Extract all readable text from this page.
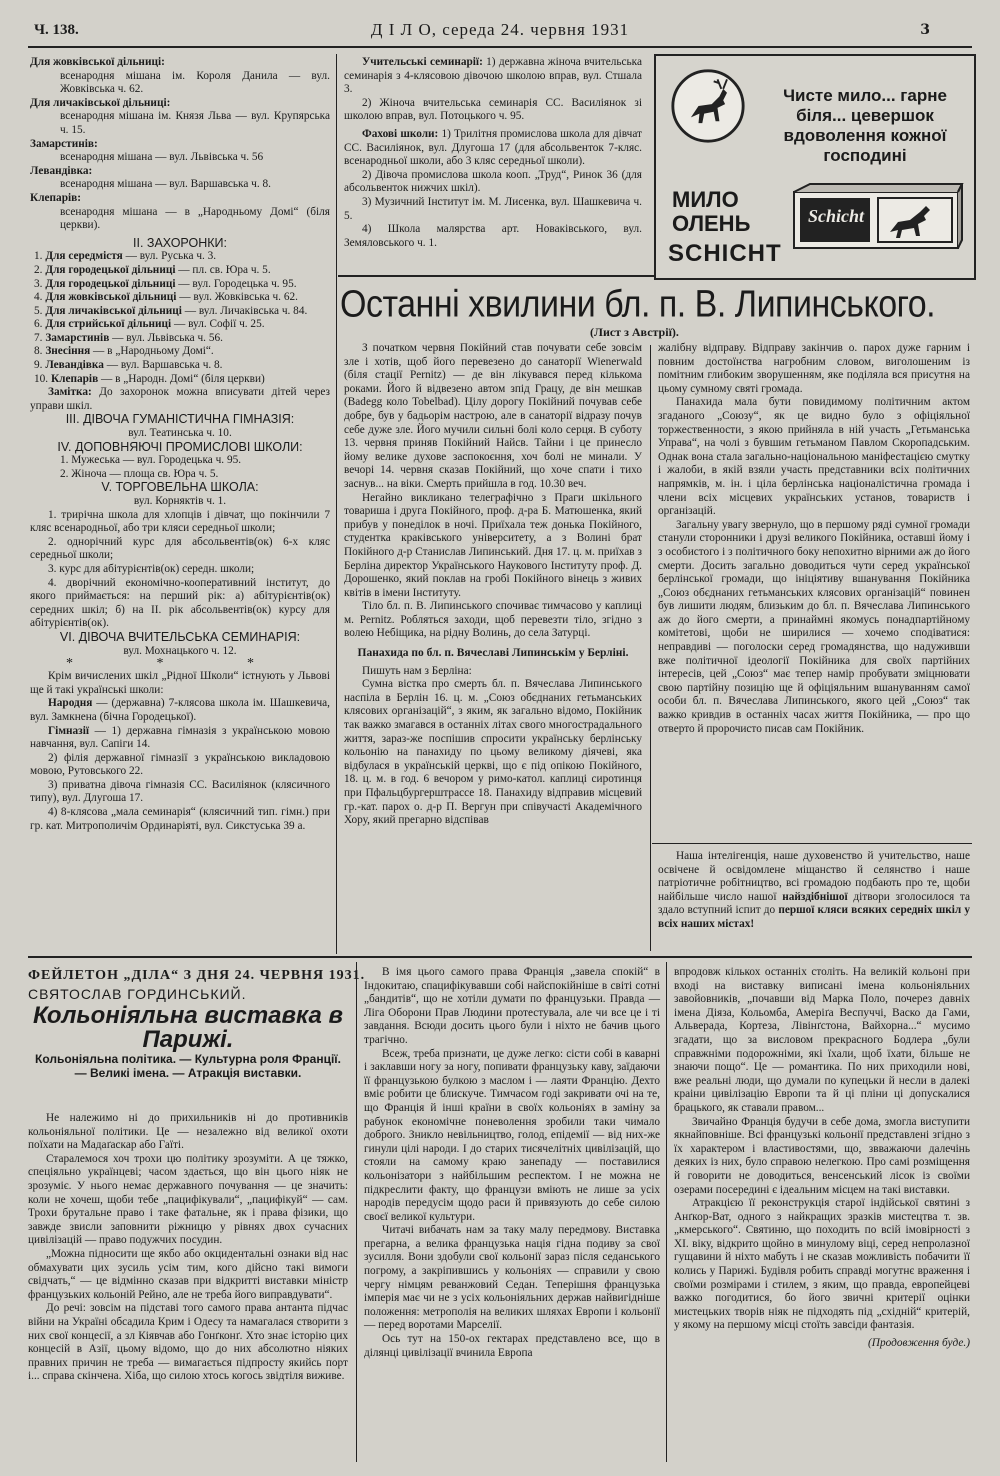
Ч. 138.	Д І Л О, середа 24. червня 1931	3

Для жовківської дільниці:

всенародня мішана ім. Короля Данила — вул. Жовківська ч. 62.

Для личаківської дільниці:

всенародня мішана ім. Князя Льва — вул. Крупярська ч. 15.

Замарстинів:

всенародня мішана — вул. Львівська ч. 56

Левандівка:

всенародня мішана — вул. Варшавська ч. 8.

Клепарів:

всенародня мішана — в „Народньому Домі“ (біля церкви).

ІІ. ЗАХОРОНКИ:

1. Для середмістя — вул. Руська ч. 3.

2. Для городецької дільниці — пл. св. Юра ч. 5.

3. Для городецької дільниці — вул. Городецька ч. 95.

4. Для жовківської дільниці — вул. Жовківська ч. 62.

5. Для личаківської дільниці — вул. Личаківська ч. 84.

6. Для стрийської дільниці — вул. Софії ч. 25.

7. Замарстинів — вул. Львівська ч. 56.

8. Знесіння — в „Народньому Домі“.

9. Левандівка — вул. Варшавська ч. 8.

10. Клепарів — в „Народн. Домі“ (біля церкви)

Замітка: До захоронок можна вписувати дітей через управи шкіл.

ІІІ. ДІВОЧА ГУМАНІСТИЧНА ГІМНАЗІЯ:

вул. Театинська ч. 10.

ІV. ДОПОВНЯЮЧІ ПРОМИСЛОВІ ШКОЛИ:

1. Мужеська — вул. Городецька ч. 95.

2. Жіноча — площа св. Юра ч. 5.

V. ТОРГОВЕЛЬНА ШКОЛА:

вул. Корняктів ч. 1.

1. трирічна школа для хлопців і дівчат, що покінчили 7 кляс всенародньої, або три кляси середньої школи;

2. однорічний курс для абсольвентів(ок) 6-х кляс середньої школи;

3. курс для абітурієнтів(ок) середн. школи;

4. дворічний економічно-кооперативний інститут, до якого приймається: на перший рік: а) абітурієнтів(ок) середних шкіл; б) на ІІ. рік абсольвентів(ок) курсу для абітурієнтів(ок).

VІ. ДІВОЧА ВЧИТЕЛЬСЬКА СЕМИНАРІЯ:

вул. Мохнацького ч. 12.

* * *

Крім вичислених шкіл „Рідної Школи“ істнують у Львові ще й такі українські школи:

Народня — (державна) 7-клясова школа ім. Шашкевича, вул. Замкнена (бічна Городецької).

Гімназії — 1) державна гімназія з українською мовою навчання, вул. Сапіги 14.

2) філія державної гімназії з українською викладовою мовою, Рутовського 22.

3) приватна дівоча гімназія СС. Василіянок (клясичного типу), вул. Длугоша 17.

4) 8-клясова „мала семинарія“ (клясичний тип. гімн.) при гр. кат. Митрополичім Ординаріяті, вул. Сикстуська 39 а.

Учительські семинарії: 1) державна жіноча вчительська семинарія з 4-клясовою дівочою школою вправ, вул. Стшала 3.

2) Жіноча вчительська семинарія СС. Василіянок зі школою вправ, вул. Потоцького ч. 95.

Фахові школи: 1) Трилітня промислова школа для дівчат СС. Василіянок, вул. Длугоша 17 (для абсольвенток 7-кляс. всенародньої школи, або 3 кляс середньої школи).

2) Дівоча промислова школа кооп. „Труд“, Ринок 36 (для абсольвенток нижчих шкіл).

3) Музичний Інститут ім. М. Лисенка, вул. Шашкевича ч. 5.

4) Школа малярства арт. Новаківського, вул. Земяловського ч. 1.

Чисте мило... гарне біля... цевершок вдоволення кожної господині
МИЛО ОЛЕНЬ
SCHICHT
Schicht
Останні хвилини бл. п. В. Липинського.
(Лист з Австрії).

З початком червня Покійний став почувати себе зовсім зле і хотів, щоб його перевезено до санаторії Wienerwald (біля стації Pernitz) — де він лікувався перед кількома роками. Його й відвезено автом зпід Грацу, де він мешкав (Badegg коло Tobelbad). Цілу дорогу Покійний почував себе добре, був у бадьорім настрою, але в санаторії відразу почув себе дуже зле. Його мучили сильні болі коло серця. В суботу 13. червня приняв Покійний Найсв. Тайни і це принесло йому велике духове заспокоєння, хоч болі не минали. У вечорі 14. червня сказав Покійний, що хоче спати і тихо заснув... на віки. Смерть прийшла в год. 10.30 веч.

Негайно викликано телеграфічно з Праги шкільного товариша і друга Покійного, проф. д-ра Б. Матюшенка, який прибув у понеділок в ночі. Приїхала теж донька Покійного, студентка краківського університету, а з Волині брат Покійного д-р Станислав Липинський. Дня 17. ц. м. приїхав з Берліна директор Українського Наукового Інституту проф. Д. Дорошенко, який поклав на гробі Покійного вінець з живих квітів в імени Інституту.

Тіло бл. п. В. Липинського спочиває тимчасово у каплиці м. Pernitz. Робляться заходи, щоб перевезти тіло, згідно з волею Небіщика, на рідну Волинь, до села Затурці.

Панахида по бл. п. Вячеславі Липинськім у Берліні.

Пишуть нам з Берліна:

Сумна вістка про смерть бл. п. Вячеслава Липинського наспіла в Берлін 16. ц. м. „Союз обєднаних гетьманських клясових організацій“, з яким, як загально відомо, Покійник так важко змагався в останніх літах свого многострадального життя, зараз-же поспішив спросити українську берлінську кольонію на панахиду по цьому великому діячеві, яка відбулася в українській церкві, що є під опікою Покійного, 18. ц. м. в год. 6 вечором у римо-катол. каплиці сиротинця при Пфальцбургерштрассе 18. Панахиду відправив місцевий гр.-кат. парох о. д-р П. Вергун при співучасті Академічного Хору, який прегарно відспівав

жалібну відправу. Відправу закінчив о. парох дуже гарним і повним достоїнства нагробним словом, виголошеним із помітним глибоким зворушенням, яке поділяла вся присутня на цьому сумному святі громада.

Панахида мала бути повидимому політичним актом згаданого „Союзу“, як це видно було з офіціяльної торжественности, з якою прийняла в ній участь „Гетьманська Управа“, на чолі з бувшим гетьманом Павлом Скоропадським. Однак вона стала загально-національною маніфестацією смутку і жалоби, в якій взяли участь представники всіх політичних напрямків, м. ін. і ціла берлінська націоналістична громада і члени всіх місцевих українських установ, товариств і організацій.

Загальну увагу звернуло, що в першому ряді сумної громади станули сторонники і друзі великого Покійника, оставші йому і з особистого і з політичного боку непохитно вірними аж до його смерти. Досить загально доводиться чути серед української берлінської громади, що ініціятиву вшанування Покійника „Союз обєднаних гетьманських клясових організацій“ повинен був лишити людям, близьким до бл. п. Вячеслава Липинського аж до його смерти, а принаймні якомусь понадпартійному комітетові, щоби не ширилися — хочемо сподіватися: неправдиві — поголоски серед громадянства, що надуживши вже політичної ідеології Покійника для своїх партійних інтересів, цей „Союз“ має тепер намір пробувати зміцнювати свою партійну позицію ще й офіціяльним вшануванням самої особи бл. п. Вячеслава Липинського, якого цей „Союз“ так важко кривдив в останніх часах життя Покійника, — про що отверто й пророчисто писав сам Покійник.

Наша інтелігенція, наше духовенство й учительство, наше освічене й освідомлене міщанство й селянство і наше патріотичне робітництво, всі громадою подбають про те, щоби найбільше число нашої найздібнішої дітвори зголосилося та здало вступний іспит до першої кляси всяких середніх шкіл у всіх наших містах!

ФЕЙЛЕТОН „ДІЛА“ З ДНЯ 24. ЧЕРВНЯ 1931.
СВЯТОСЛАВ ГОРДИНСЬКИЙ.
Кольоніяльна виставка в Парижі.
Кольоніяльна політика. — Культурна роля Франції. — Великі імена. — Атракція виставки.

Не належимо ні до прихильників ні до противників кольоніяльної політики. Це — незалежно від великої охоти поїхати на Мадаґаскар або Гаїті.

Старалемося хоч трохи цю політику зрозуміти. А це тяжко, спеціяльно українцеві; часом здається, що він цього ніяк не зрозуміє. У нього немає державного почування — це значить: коли не хочеш, щоби тебе „пацифікували“, „пацифікуй“ — сам. Трохи брутальне право і таке фатальне, як і права фізики, що завжде звисли заповнити ріжницю у рівнях двох сучасних цивілізацій — право подужчих посудин.

„Можна підносити ще якбо або окцидентальні ознаки від нас обмахувати цих зусиль усім тим, кого дійсно такі вимоги свідчать,“ — це відмінно сказав при відкритті виставки міністр французьких кольоній Рейно, але не треба його виправдувати“.

До речі: зовсім на підставі того самого права антанта підчас війни на Україні обсадила Крим і Одесу та намагалася створити з них свої концесії, а зл Кіявчав або Гонґконґ. Хто знає історію цих концесій в Азії, цьому відомо, що до них абсолютно ніяких правних причин не треба — вимагається підпросту якийсь порт і... справа скінчена. Хіба, що силою хтось когось звідтіля виживе.

В імя цього самого права Франція „завела спокій“ в Індокитаю, спацифікувавши собі найспокійніше в світі сотні „бандитів“, що не хотіли думати по французьки. Правда — Ліга Оборони Прав Людини протестувала, але чи все це і ті завдання. Всюди досить цього були і ніхто не бачив цього трагічно.

Всеж, треба признати, це дуже легко: сісти собі в каварні і заклавши ногу за ногу, попивати французьку каву, заїдаючи її французькою булкою з маслом і — лаяти Францію. Дехто вміє робити це блискуче. Тимчасом годі закривати очі на те, що Франція й інші країни в своїх кольоніях в заміну за рабунок економічне поневолення зробили таки чимало доброго. Зникло невільництво, голод, епідемії — від них-же гинули цілі народи. І до старих тисячелітніх цивілізацій, що стояли на самому краю занепаду — поставилися кольонізатори з найбільшим респектом. І не можна не підкреслити факту, що французи вміють не лише за усіх народів передусім щодо раси й привязують до себе силою своєї великої культури.

Читачі вибачать нам за таку малу передмову. Виставка прегарна, а велика французька нація гідна подиву за свої зусилля. Вони здобули свої кольонії зараз після седанського погрому, а закріпившись у кольоніях — справили у свою чергу німцям реванжовий Седан. Теперішня французька імперія має чи не з усіх кольоніяльних держав найвигідніше положення: метрополія на великих шляхах Европи і кольонії — перед воротами Марселії.

Ось тут на 150-ох гектарах представлено все, що в ділянці цивілізації вчинила Европа

впродовж кількох останніх століть. На великій кольоні при вході на виставку виписані імена кольоніяльних завойовників, „почавши від Марка Поло, почерез давніх імена Діяза, Кольомба, Амеріґа Веспуччі, Васко да Гами, Альверада, Кортеза, Лівінґстона, Вайхорна...“ мусимо згадати, що за висловом прекрасного Бодлера „були справжніми подорожніми, які їхали, щоб їхати, більше не знаючи пощо“. Це — романтика. По них приходили нові, вже реальні люди, що думали по купецьки й несли в далекі краіни цивілізацію Европи та й ці пліни ці допускалися брацького, як ставали правом...

Звичайно Франція будучи в себе дома, змогла виступити якнайповніше. Всі французькі кольонії представлені згідно з їх характером і властивостями, що, звважаючи далечінь деяких із них, було справою нелегкою. Про самі розміщення й говорити не доводиться, венсенський лісок із своїми озерами посередині є ідеальним місцем на такі виставки.

Атракцією її реконструкція старої індійської святині з Анґкор-Ват, одного з найкращих зразків мистецтва т. зв. „кмерського“. Святиню, що походить по всій імовірності з ХІ. віку, відкрито щойно в минулому віці, серед непролазної гущавини й ніхто мабуть і не сказав можливість побачити її колись у Парижі. Будівля робить справді могутнє враження і своїми розмірами і стилем, з яким, що правда, европейцеві важко погодитися, бо його звичні критерії оцінки мистецьких творів ніяк не підходять під „східній“ критерій, у якому на першому місці стоїть завсіди фантазія.

(Продовження буде.)
